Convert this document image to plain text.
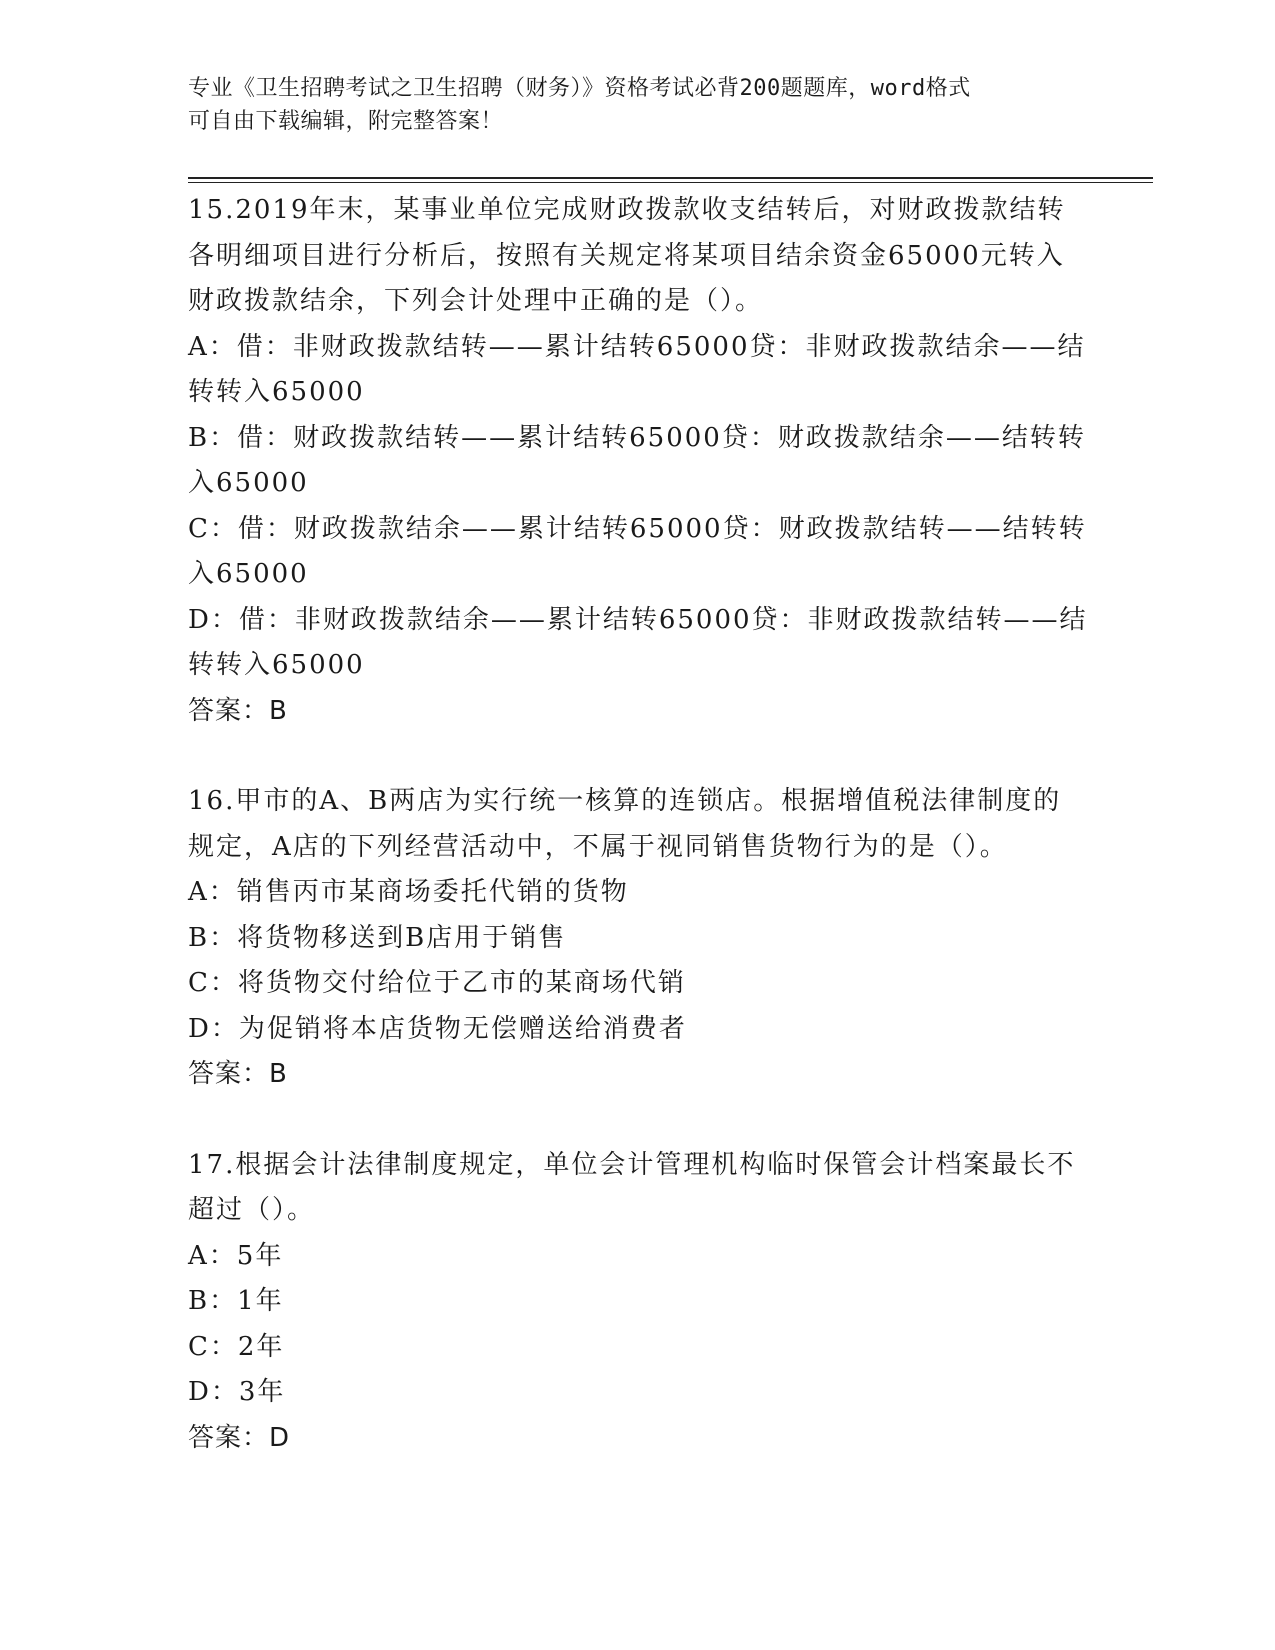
专业《卫生招聘考试之卫生招聘（财务）》资格考试必背200题题库，word格式
可自由下载编辑，附完整答案！
15.2019年末，某事业单位完成财政拨款收支结转后，对财政拨款结转各明细项目进行分析后，按照有关规定将某项目结余资金65000元转入财政拨款结余，下列会计处理中正确的是（）。
A：借：非财政拨款结转——累计结转65000贷：非财政拨款结余——结转转入65000
B：借：财政拨款结转——累计结转65000贷：财政拨款结余——结转转入65000
C：借：财政拨款结余——累计结转65000贷：财政拨款结转——结转转入65000
D：借：非财政拨款结余——累计结转65000贷：非财政拨款结转——结转转入65000
答案：B
16.甲市的A、B两店为实行统一核算的连锁店。根据增值税法律制度的规定，A店的下列经营活动中，不属于视同销售货物行为的是（）。
A：销售丙市某商场委托代销的货物
B：将货物移送到B店用于销售
C：将货物交付给位于乙市的某商场代销
D：为促销将本店货物无偿赠送给消费者
答案：B
17.根据会计法律制度规定，单位会计管理机构临时保管会计档案最长不超过（）。
A：5年
B：1年
C：2年
D：3年
答案：D
